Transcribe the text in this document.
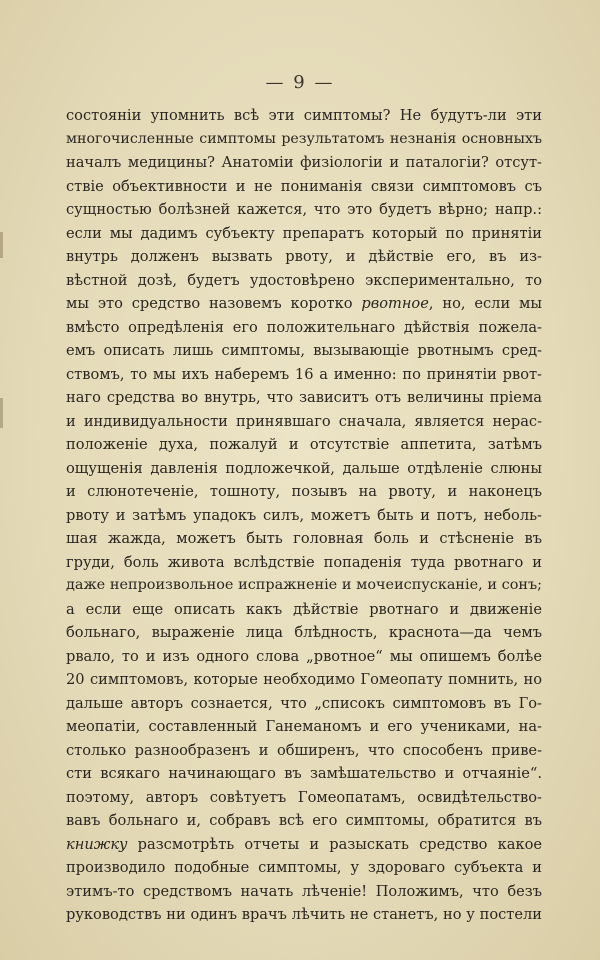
— 9 —
состояніи упомнить всѣ эти симптомы? Не будутъ-ли эти
многочисленные симптомы результатомъ незнанія основныхъ
началъ медицины? Анатоміи физіологіи и паталогіи? отсут-
ствіе объективности и не пониманія связи симптомовъ съ
сущностью болѣзней кажется, что это будетъ вѣрно; напр.:
если мы дадимъ субъекту препаратъ который по принятіи
внутрь долженъ вызвать рвоту, и дѣйствіе его, въ из-
вѣстной дозѣ, будетъ удостовѣрено экспериментально, то
мы это средство назовемъ коротко рвотное, но, если мы
вмѣсто опредѣленія его положительнаго дѣйствія пожела-
емъ описать лишь симптомы, вызывающіе рвотнымъ сред-
ствомъ, то мы ихъ наберемъ 16 а именно: по принятіи рвот-
наго средства во внутрь, что зависитъ отъ величины пріема
и индивидуальности принявшаго сначала, является нерас-
положеніе духа, пожалуй и отсутствіе аппетита, затѣмъ
ощущенія давленія подложечкой, дальше отдѣленіе слюны
и слюнотеченіе, тошноту, позывъ на рвоту, и наконецъ
рвоту и затѣмъ упадокъ силъ, можетъ быть и потъ, неболь-
шая жажда, можетъ быть головная боль и стѣсненіе въ
груди, боль живота вслѣдствіе попаденія туда рвотнаго и
даже непроизвольное испражненіе и мочеиспусканіе, и сонъ;
а если еще описать какъ дѣйствіе рвотнаго и движеніе
больнаго, выраженіе лица блѣдность, краснота—да чемъ
рвало, то и изъ одного слова „рвотное“ мы опишемъ болѣе
20 симптомовъ, которые необходимо Гомеопату помнить, но
дальше авторъ сознается, что „списокъ симптомовъ въ Го-
меопатіи, составленный Ганеманомъ и его учениками, на-
столько разнообразенъ и обширенъ, что способенъ приве-
сти всякаго начинающаго въ замѣшательство и отчаяніе“.
поэтому, авторъ совѣтуетъ Гомеопатамъ, освидѣтельство-
вавъ больнаго и, собравъ всѣ его симптомы, обратится въ
книжку разсмотрѣть отчеты и разыскать средство какое
производило подобные симптомы, у здороваго субъекта и
этимъ-то средствомъ начать лѣченіе! Положимъ, что безъ
руководствъ ни одинъ врачъ лѣчить не станетъ, но у постели
